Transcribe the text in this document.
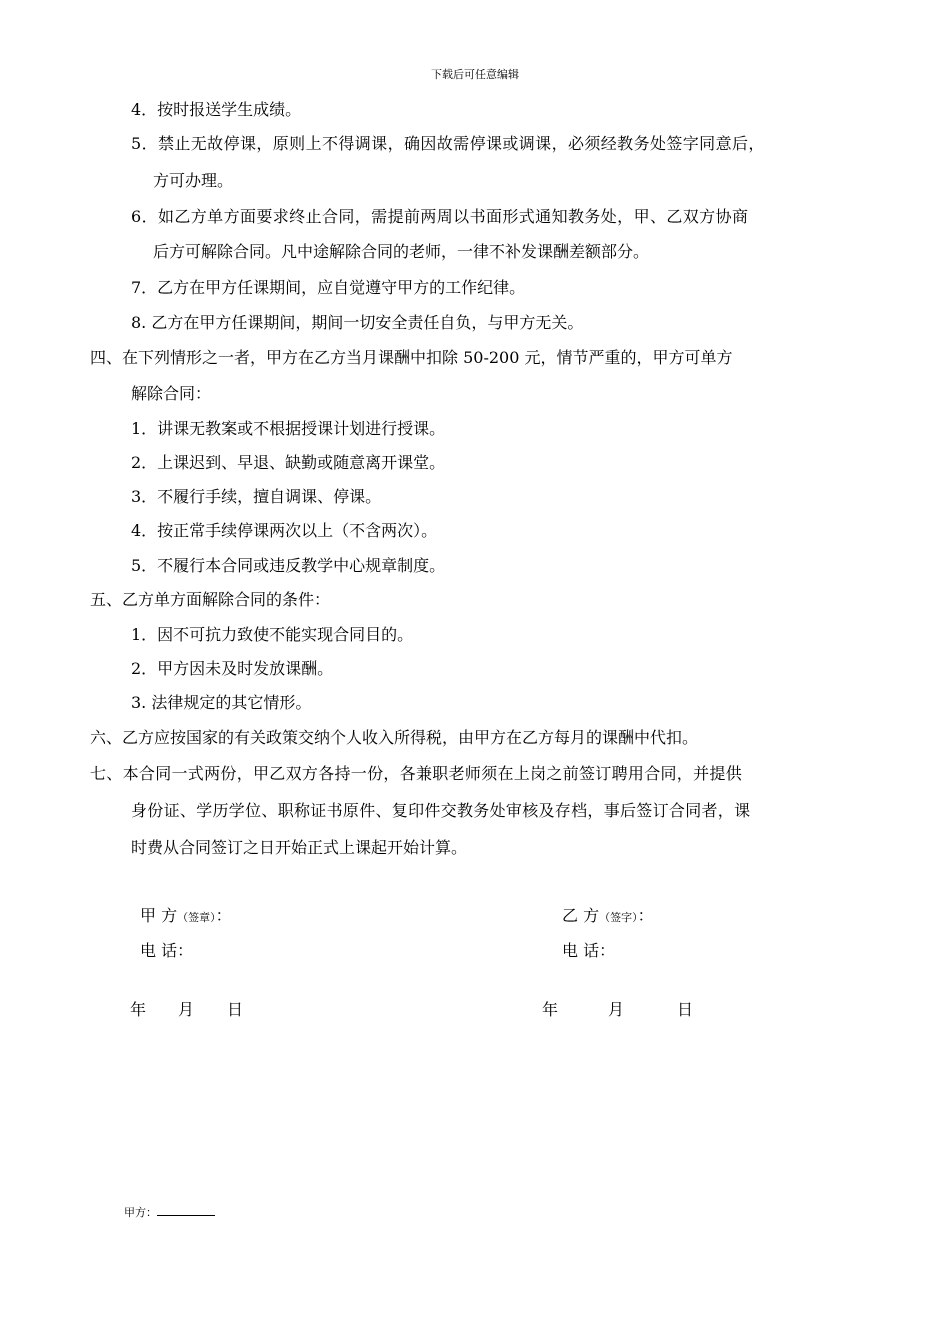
下载后可任意编辑
4．按时报送学生成绩。
5．禁止无故停课，原则上不得调课，确因故需停课或调课，必须经教务处签字同意后，
方可办理。
6．如乙方单方面要求终止合同，需提前两周以书面形式通知教务处，甲、乙双方协商
后方可解除合同。凡中途解除合同的老师，一律不补发课酬差额部分。
7．乙方在甲方任课期间，应自觉遵守甲方的工作纪律。
8. 乙方在甲方任课期间，期间一切安全责任自负，与甲方无关。
四、在下列情形之一者，甲方在乙方当月课酬中扣除 50-200 元，情节严重的，甲方可单方
解除合同：
1．讲课无教案或不根据授课计划进行授课。
2．上课迟到、早退、缺勤或随意离开课堂。
3．不履行手续，擅自调课、停课。
4．按正常手续停课两次以上（不含两次）。
5．不履行本合同或违反教学中心规章制度。
五、乙方单方面解除合同的条件：
1．因不可抗力致使不能实现合同目的。
2．甲方因未及时发放课酬。
3. 法律规定的其它情形。
六、乙方应按国家的有关政策交纳个人收入所得税，由甲方在乙方每月的课酬中代扣。
七、本合同一式两份，甲乙双方各持一份，各兼职老师须在上岗之前签订聘用合同，并提供
身份证、学历学位、职称证书原件、复印件交教务处审核及存档，事后签订合同者，课
时费从合同签订之日开始正式上课起开始计算。
甲 方（签章）：	乙 方（签字）：
电 话：	电 话：
年 月 日	年	月	日
甲方：
